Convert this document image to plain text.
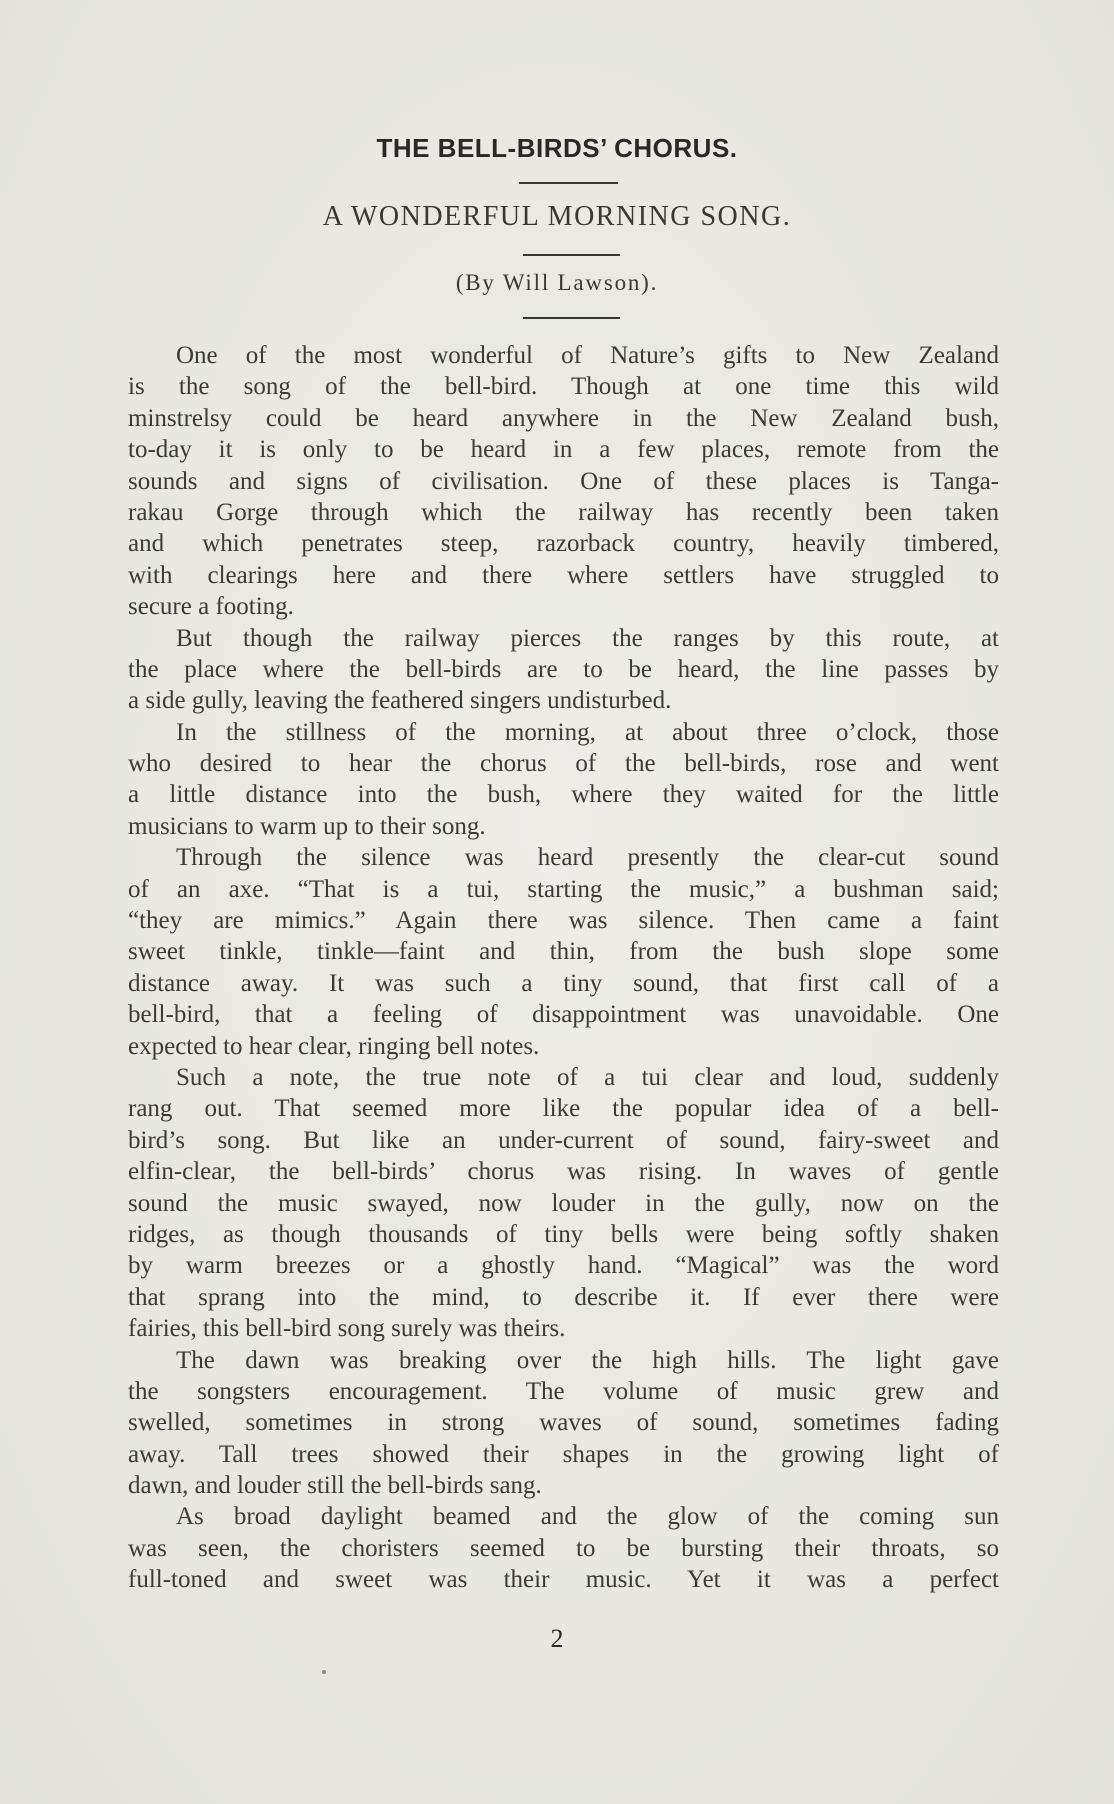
THE BELL-BIRDS’ CHORUS.
A WONDERFUL MORNING SONG.
(By Will Lawson).
One of the most wonderful of Nature’s gifts to New Zealand
is the song of the bell-bird. Though at one time this wild
minstrelsy could be heard anywhere in the New Zealand bush,
to-day it is only to be heard in a few places, remote from the
sounds and signs of civilisation. One of these places is Tanga-
rakau Gorge through which the railway has recently been taken
and which penetrates steep, razorback country, heavily timbered,
with clearings here and there where settlers have struggled to
secure a footing.
But though the railway pierces the ranges by this route, at
the place where the bell-birds are to be heard, the line passes by
a side gully, leaving the feathered singers undisturbed.
In the stillness of the morning, at about three o’clock, those
who desired to hear the chorus of the bell-birds, rose and went
a little distance into the bush, where they waited for the little
musicians to warm up to their song.
Through the silence was heard presently the clear-cut sound
of an axe. “That is a tui, starting the music,” a bushman said;
“they are mimics.” Again there was silence. Then came a faint
sweet tinkle, tinkle—faint and thin, from the bush slope some
distance away. It was such a tiny sound, that first call of a
bell-bird, that a feeling of disappointment was unavoidable. One
expected to hear clear, ringing bell notes.
Such a note, the true note of a tui clear and loud, suddenly
rang out. That seemed more like the popular idea of a bell-
bird’s song. But like an under-current of sound, fairy-sweet and
elfin-clear, the bell-birds’ chorus was rising. In waves of gentle
sound the music swayed, now louder in the gully, now on the
ridges, as though thousands of tiny bells were being softly shaken
by warm breezes or a ghostly hand. “Magical” was the word
that sprang into the mind, to describe it. If ever there were
fairies, this bell-bird song surely was theirs.
The dawn was breaking over the high hills. The light gave
the songsters encouragement. The volume of music grew and
swelled, sometimes in strong waves of sound, sometimes fading
away. Tall trees showed their shapes in the growing light of
dawn, and louder still the bell-birds sang.
As broad daylight beamed and the glow of the coming sun
was seen, the choristers seemed to be bursting their throats, so
full-toned and sweet was their music. Yet it was a perfect
2
